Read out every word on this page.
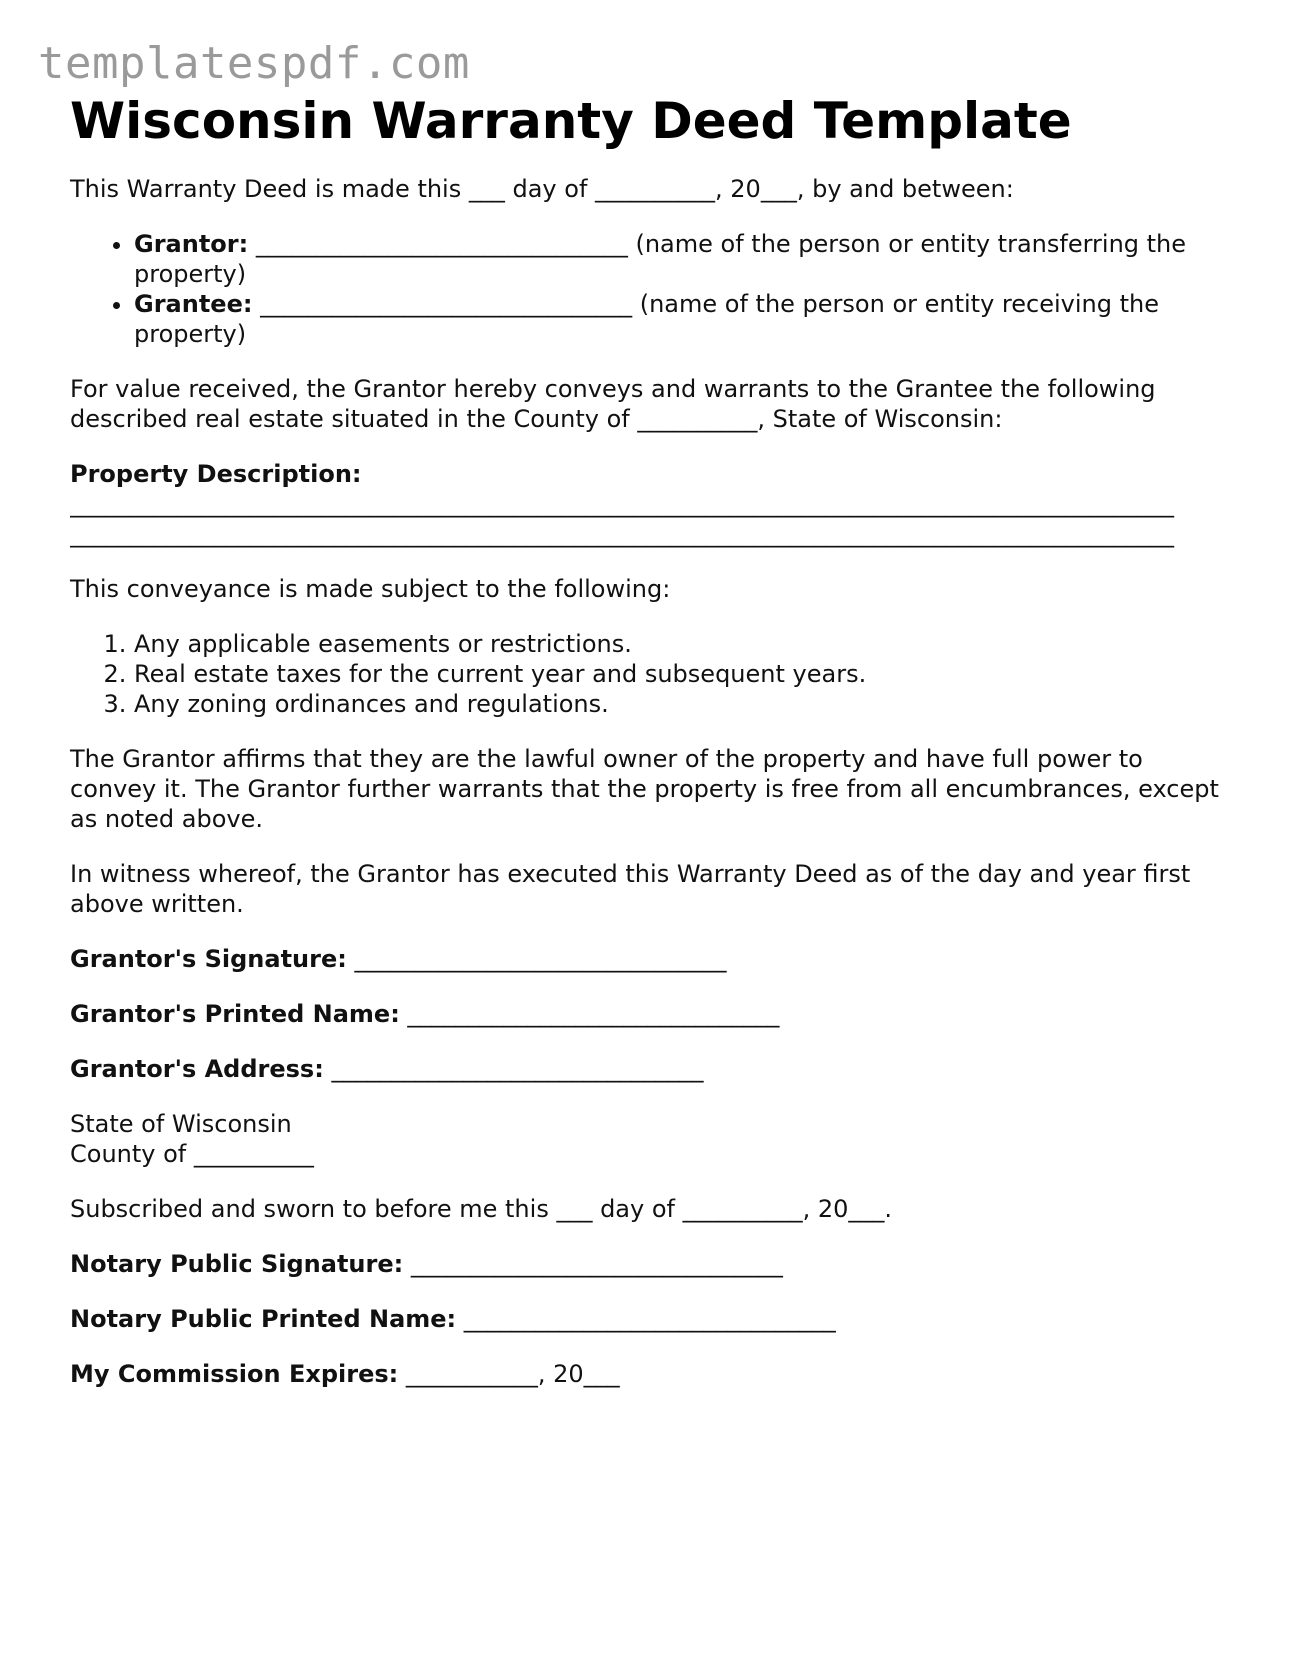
templatespdf.com
Wisconsin Warranty Deed Template

This Warranty Deed is made this ___ day of __________, 20___, by and between:

• Grantor: _______________________________ (name of the person or entity transferring the property)
• Grantee: _______________________________ (name of the person or entity receiving the property)

For value received, the Grantor hereby conveys and warrants to the Grantee the following described real estate situated in the County of __________, State of Wisconsin:

Property Description:

____________________________________________________________________________________________
____________________________________________________________________________________________

This conveyance is made subject to the following:

1. Any applicable easements or restrictions.
2. Real estate taxes for the current year and subsequent years.
3. Any zoning ordinances and regulations.

The Grantor affirms that they are the lawful owner of the property and have full power to convey it. The Grantor further warrants that the property is free from all encumbrances, except as noted above.

In witness whereof, the Grantor has executed this Warranty Deed as of the day and year first above written.

Grantor's Signature: _______________________________

Grantor's Printed Name: _______________________________

Grantor's Address: _______________________________

State of Wisconsin

County of __________

Subscribed and sworn to before me this ___ day of __________, 20___.

Notary Public Signature: _______________________________

Notary Public Printed Name: _______________________________

My Commission Expires: ___________, 20___
